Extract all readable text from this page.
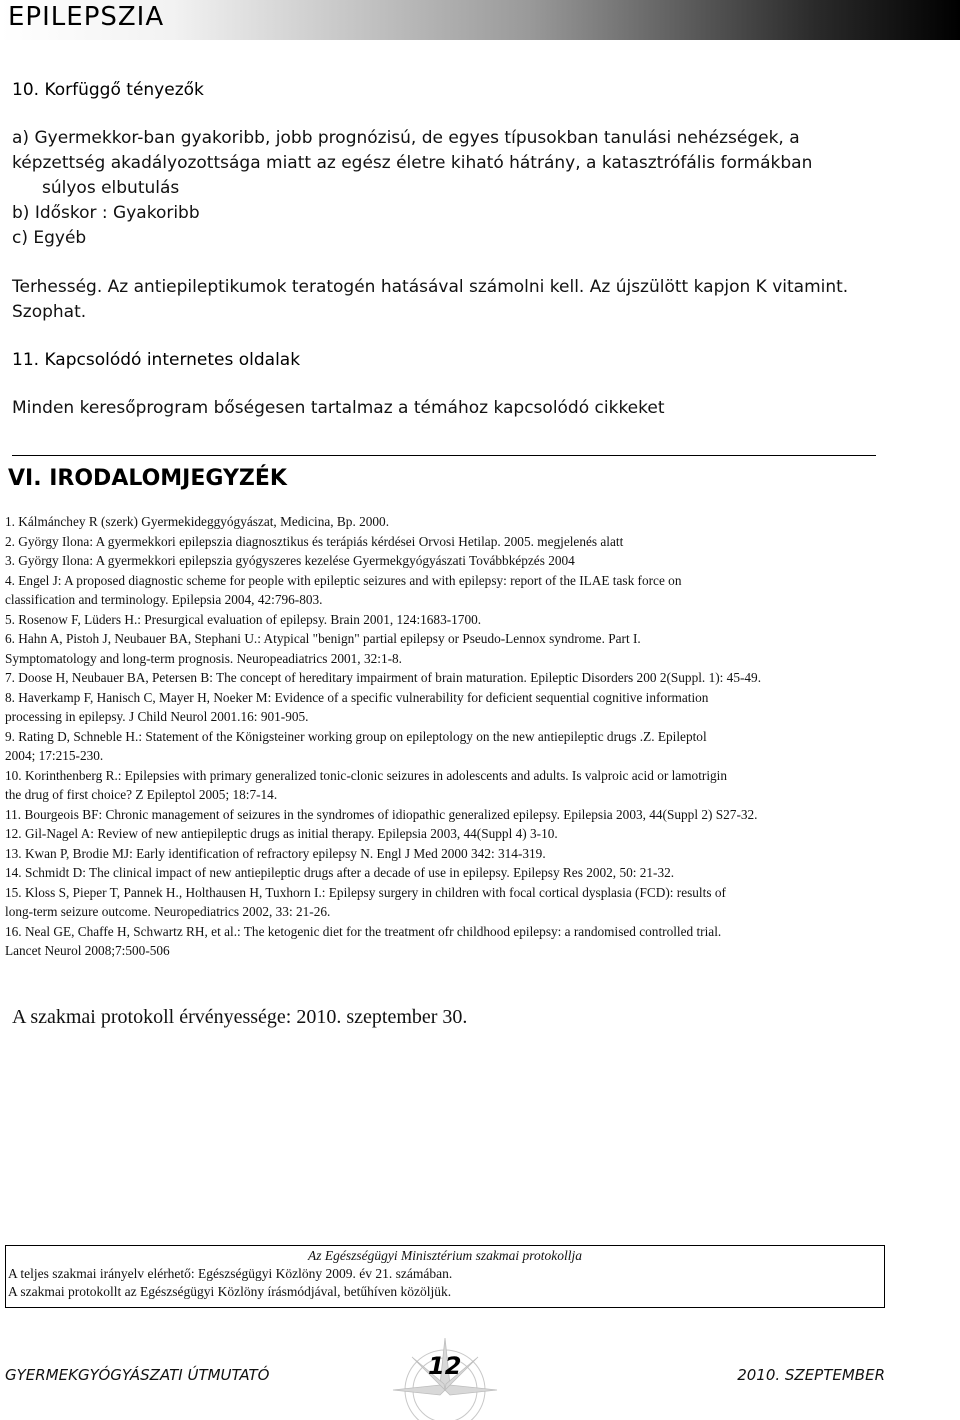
EPILEPSZIA
10. Korfüggő tényezők
a) Gyermekkor-ban gyakoribb, jobb prognózisú, de egyes típusokban tanulási nehézségek, a
képzettség akadályozottsága miatt az egész életre kiható hátrány, a katasztrófális formákban
súlyos elbutulás
b) Időskor : Gyakoribb
c) Egyéb
Terhesség. Az antiepileptikumok teratogén hatásával számolni kell. Az újszülött kapjon K vitamint.
Szophat.
11. Kapcsolódó internetes oldalak
Minden keresőprogram bőségesen tartalmaz a témához kapcsolódó cikkeket
VI. IRODALOMJEGYZÉK
1. Kálmánchey R (szerk) Gyermekideggyógyászat, Medicina, Bp. 2000.
2. György Ilona: A gyermekkori epilepszia diagnosztikus és terápiás kérdései Orvosi Hetilap. 2005. megjelenés alatt
3. György Ilona: A gyermekkori epilepszia gyógyszeres kezelése Gyermekgyógyászati Továbbképzés 2004
4. Engel J: A proposed diagnostic scheme for people with epileptic seizures and with epilepsy: report of the ILAE task force on
classification and terminology. Epilepsia 2004, 42:796-803.
5. Rosenow F, Lüders H.: Presurgical evaluation of epilepsy. Brain 2001, 124:1683-1700.
6. Hahn A, Pistoh J, Neubauer BA, Stephani U.: Atypical "benign" partial epilepsy or Pseudo-Lennox syndrome. Part I.
Symptomatology and long-term prognosis. Neuropeadiatrics 2001, 32:1-8.
7. Doose H, Neubauer BA, Petersen B: The concept of hereditary impairment of brain maturation. Epileptic Disorders 200 2(Suppl. 1): 45-49.
8. Haverkamp F, Hanisch C, Mayer H, Noeker M: Evidence of a specific vulnerability for deficient sequential cognitive information
processing in epilepsy. J Child Neurol 2001.16: 901-905.
9. Rating D, Schneble H.: Statement of the Königsteiner working group on epileptology on the new antiepileptic drugs .Z. Epileptol
2004; 17:215-230.
10. Korinthenberg R.: Epilepsies with primary generalized tonic-clonic seizures in adolescents and adults. Is valproic acid or lamotrigin
the drug of first choice? Z Epileptol 2005; 18:7-14.
11. Bourgeois BF: Chronic management of seizures in the syndromes of idiopathic generalized epilepsy. Epilepsia 2003, 44(Suppl 2) S27-32.
12. Gil-Nagel A: Review of new antiepileptic drugs as initial therapy. Epilepsia 2003, 44(Suppl 4) 3-10.
13. Kwan P, Brodie MJ: Early identification of refractory epilepsy N. Engl J Med 2000 342: 314-319.
14. Schmidt D: The clinical impact of new antiepileptic drugs after a decade of use in epilepsy. Epilepsy Res 2002, 50: 21-32.
15. Kloss S, Pieper T, Pannek H., Holthausen H, Tuxhorn I.: Epilepsy surgery in children with focal cortical dysplasia (FCD): results of
long-term seizure outcome. Neuropediatrics 2002, 33: 21-26.
16. Neal GE, Chaffe H, Schwartz RH, et al.: The ketogenic diet for the treatment ofr childhood epilepsy: a randomised controlled trial.
Lancet Neurol 2008;7:500-506
A szakmai protokoll érvényessége: 2010. szeptember 30.
Az Egészségügyi Minisztérium szakmai protokollja
A teljes szakmai irányelv elérhető: Egészségügyi Közlöny 2009. év 21. számában.
A szakmai protokollt az Egészségügyi Közlöny írásmódjával, betűhíven közöljük.
GYERMEKGYÓGYÁSZATI ÚTMUTATÓ	12	2010. SZEPTEMBER
